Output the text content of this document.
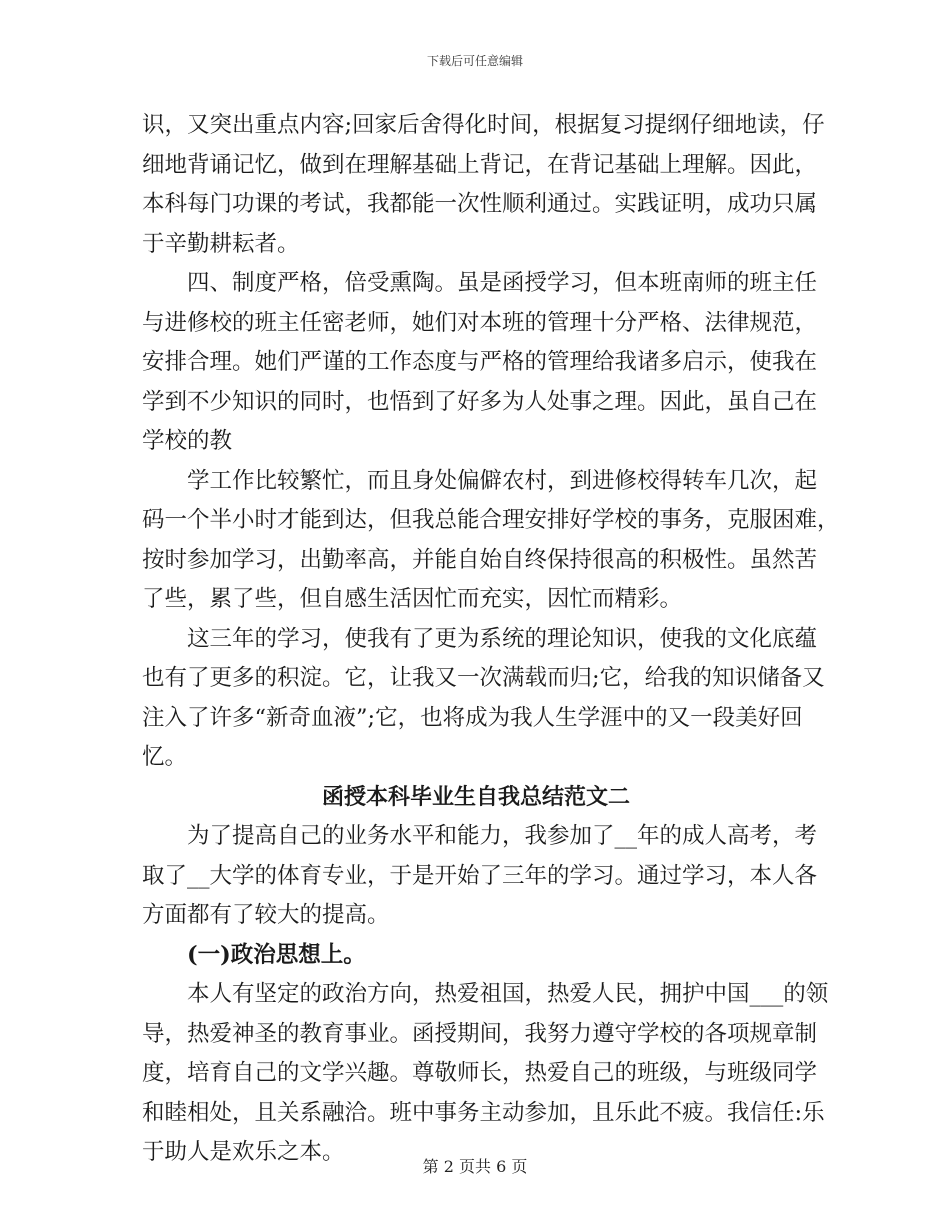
下载后可任意编辑
识，又突出重点内容;回家后舍得化时间，根据复习提纲仔细地读，仔
细地背诵记忆，做到在理解基础上背记，在背记基础上理解。因此，
本科每门功课的考试，我都能一次性顺利通过。实践证明，成功只属
于辛勤耕耘者。
四、制度严格，倍受熏陶。虽是函授学习，但本班南师的班主任
与进修校的班主任密老师，她们对本班的管理十分严格、法律规范，
安排合理。她们严谨的工作态度与严格的管理给我诸多启示，使我在
学到不少知识的同时，也悟到了好多为人处事之理。因此，虽自己在
学校的教
学工作比较繁忙，而且身处偏僻农村，到进修校得转车几次，起
码一个半小时才能到达，但我总能合理安排好学校的事务，克服困难，
按时参加学习，出勤率高，并能自始自终保持很高的积极性。虽然苦
了些，累了些，但自感生活因忙而充实，因忙而精彩。
这三年的学习，使我有了更为系统的理论知识，使我的文化底蕴
也有了更多的积淀。它，让我又一次满载而归;它，给我的知识储备又
注入了许多“新奇血液”;它，也将成为我人生学涯中的又一段美好回
忆。
函授本科毕业生自我总结范文二
为了提高自己的业务水平和能力，我参加了__年的成人高考，考
取了__大学的体育专业，于是开始了三年的学习。通过学习，本人各
方面都有了较大的提高。
(一)政治思想上。
本人有坚定的政治方向，热爱祖国，热爱人民，拥护中国___的领
导，热爱神圣的教育事业。函授期间，我努力遵守学校的各项规章制
度，培育自己的文学兴趣。尊敬师长，热爱自己的班级，与班级同学
和睦相处，且关系融洽。班中事务主动参加，且乐此不疲。我信任:乐
于助人是欢乐之本。
第 2 页共 6 页
